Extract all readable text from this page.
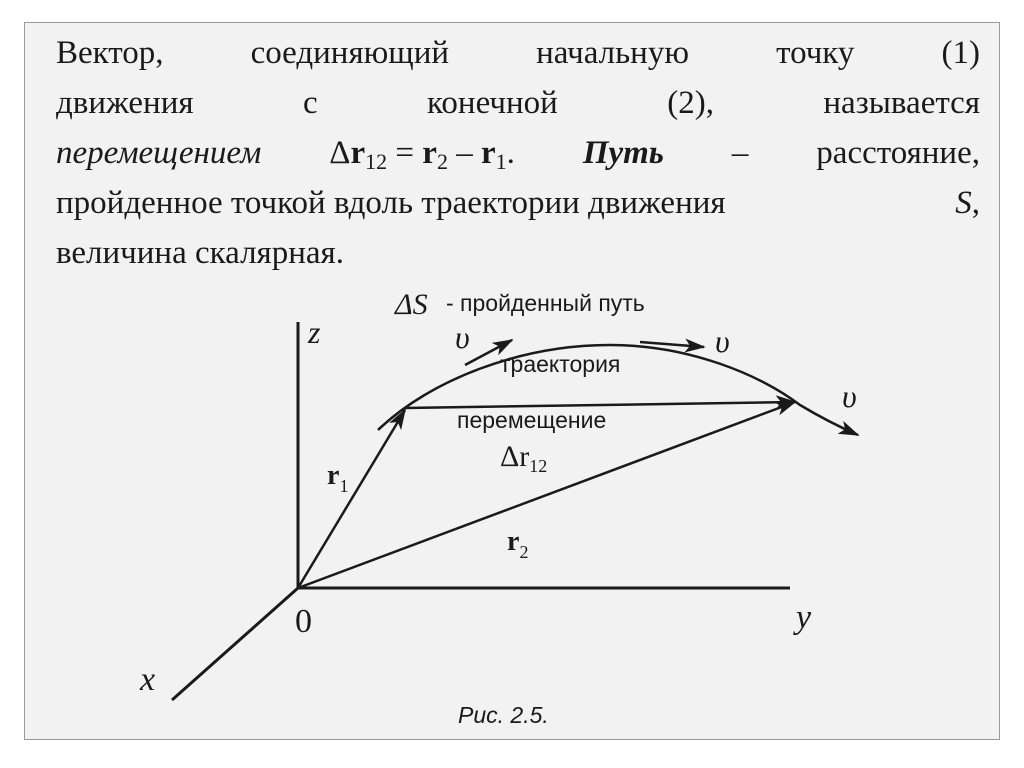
Вектор,	соединяющий	начальную	точку	(1)
движения	с	конечной	(2),	называется
перемещением $\Delta r_{12} = r_2 - r_1$. Путь – расстояние,
пройденное точкой вдоль траектории движения	S,
величина скалярная.
ΔS - пройденный путь
траектория
перемещение
υ	υ
υ
$\Delta r_{12}$
$r_1$
$r_2$
z
y
x
0
Рис. 2.5.
